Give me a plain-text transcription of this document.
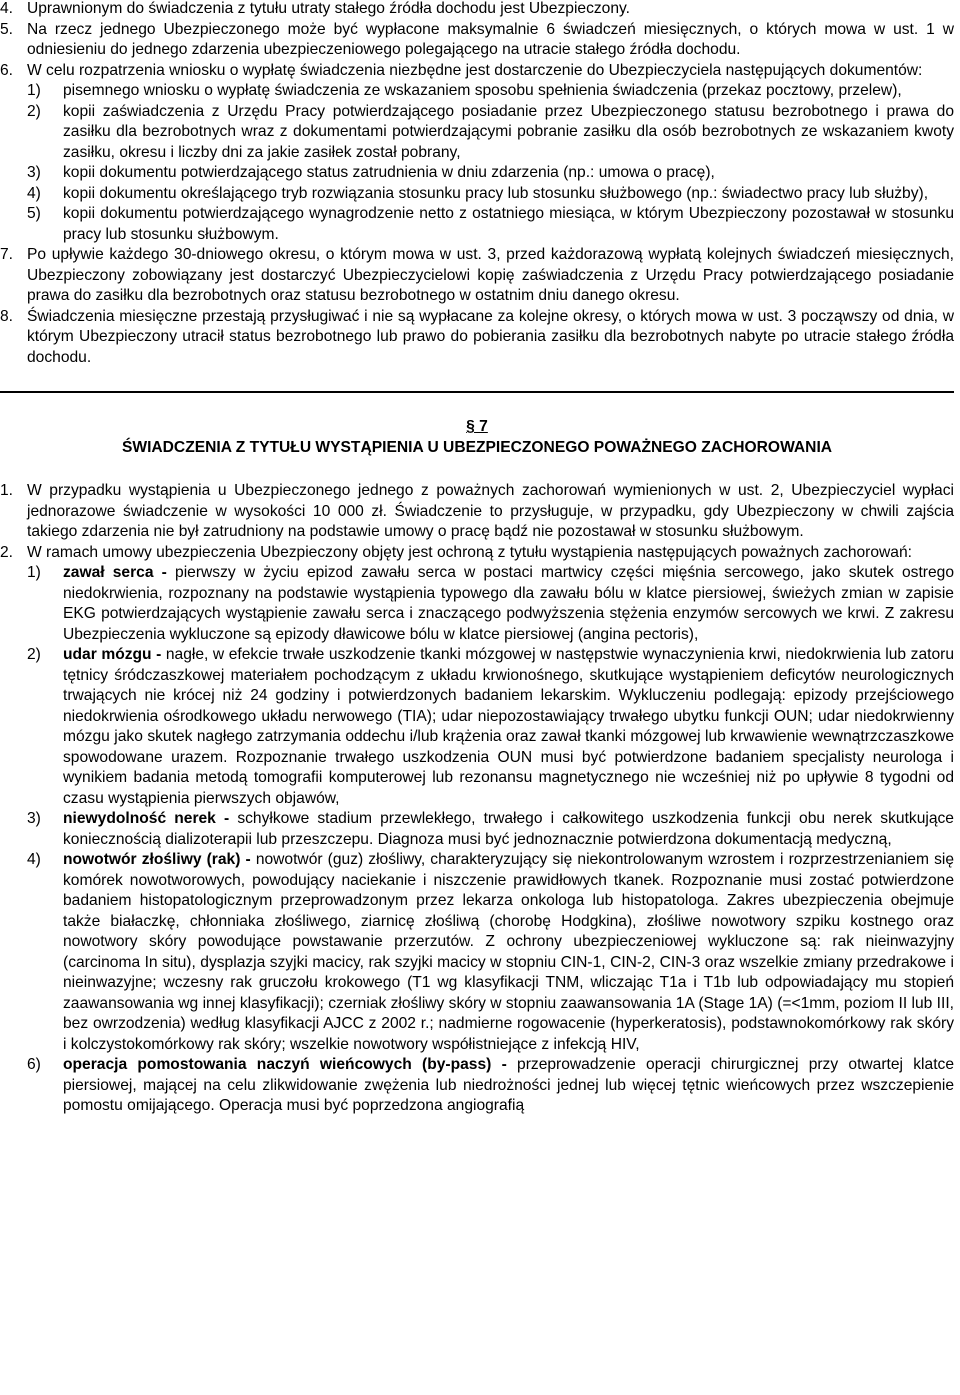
4. Uprawnionym do świadczenia z tytułu utraty stałego źródła dochodu jest Ubezpieczony.
5. Na rzecz jednego Ubezpieczonego może być wypłacone maksymalnie 6 świadczeń miesięcznych, o których mowa w ust. 1 w odniesieniu do jednego zdarzenia ubezpieczeniowego polegającego na utracie stałego źródła dochodu.
6. W celu rozpatrzenia wniosku o wypłatę świadczenia niezbędne jest dostarczenie do Ubezpieczyciela następujących dokumentów:

1)	pisemnego wniosku o wypłatę świadczenia ze wskazaniem sposobu spełnienia świadczenia (przekaz pocztowy, przelew),
2)	kopii zaświadczenia z Urzędu Pracy potwierdzającego posiadanie przez Ubezpieczonego statusu bezrobotnego i prawa do zasiłku dla bezrobotnych wraz z dokumentami potwierdzającymi pobranie zasiłku dla osób bezrobotnych ze wskazaniem kwoty zasiłku, okresu i liczby dni za jakie zasiłek został pobrany,
3)	kopii dokumentu potwierdzającego status zatrudnienia w dniu zdarzenia (np.: umowa o pracę),
4)	kopii dokumentu określającego tryb rozwiązania stosunku pracy lub stosunku służbowego (np.: świadectwo pracy lub służby),
5)	kopii dokumentu potwierdzającego wynagrodzenie netto z ostatniego miesiąca, w którym Ubezpieczony pozostawał w stosunku pracy lub stosunku służbowym.
7. Po upływie każdego 30-dniowego okresu, o którym mowa w ust. 3, przed każdorazową wypłatą kolejnych świadczeń miesięcznych, Ubezpieczony zobowiązany jest dostarczyć Ubezpieczycielowi kopię zaświadczenia z Urzędu Pracy potwierdzającego posiadanie prawa do zasiłku dla bezrobotnych oraz statusu bezrobotnego w ostatnim dniu danego okresu.
8. Świadczenia miesięczne przestają przysługiwać i nie są wypłacane za kolejne okresy, o których mowa w ust. 3 począwszy od dnia, w którym Ubezpieczony utracił status bezrobotnego lub prawo do pobierania zasiłku dla bezrobotnych nabyte po utracie stałego źródła dochodu.
§ 7
ŚWIADCZENIA Z TYTUŁU WYSTĄPIENIA U UBEZPIECZONEGO POWAŻNEGO ZACHOROWANIA
1. W przypadku wystąpienia u Ubezpieczonego jednego z poważnych zachorowań wymienionych w ust. 2, Ubezpieczyciel wypłaci jednorazowe świadczenie w wysokości 10 000 zł. Świadczenie to przysługuje, w przypadku, gdy Ubezpieczony w chwili zajścia takiego zdarzenia nie był zatrudniony na podstawie umowy o pracę bądź nie pozostawał w stosunku służbowym.
2. W ramach umowy ubezpieczenia Ubezpieczony objęty jest ochroną z tytułu wystąpienia następujących poważnych zachorowań:

1)	zawał serca - pierwszy w życiu epizod zawału serca w postaci martwicy części mięśnia sercowego, jako skutek ostrego niedokrwienia, rozpoznany na podstawie wystąpienia typowego dla zawału bólu w klatce piersiowej, świeżych zmian w zapisie EKG potwierdzających wystąpienie zawału serca i znaczącego podwyższenia stężenia enzymów sercowych we krwi. Z zakresu Ubezpieczenia wykluczone są epizody dławicowe bólu w klatce piersiowej (angina pectoris),
2)	udar mózgu - nagłe, w efekcie trwałe uszkodzenie tkanki mózgowej w następstwie wynaczynienia krwi, niedokrwienia lub zatoru tętnicy śródczaszkowej materiałem pochodzącym z układu krwionośnego, skutkujące wystąpieniem deficytów neurologicznych trwających nie krócej niż 24 godziny i potwierdzonych badaniem lekarskim. Wykluczeniu podlegają: epizody przejściowego niedokrwienia ośrodkowego układu nerwowego (TIA); udar niepozostawiający trwałego ubytku funkcji OUN; udar niedokrwienny mózgu jako skutek nagłego zatrzymania oddechu i/lub krążenia oraz zawał tkanki mózgowej lub krwawienie wewnątrzczaszkowe spowodowane urazem. Rozpoznanie trwałego uszkodzenia OUN musi być potwierdzone badaniem specjalisty neurologa i wynikiem badania metodą tomografii komputerowej lub rezonansu magnetycznego nie wcześniej niż po upływie 8 tygodni od czasu wystąpienia pierwszych objawów,
3)	niewydolność nerek - schyłkowe stadium przewlekłego, trwałego i całkowitego uszkodzenia funkcji obu nerek skutkujące koniecznością dializoterapii lub przeszczepu. Diagnoza musi być jednoznacznie potwierdzona dokumentacją medyczną,
4)	nowotwór złośliwy (rak) - nowotwór (guz) złośliwy, charakteryzujący się niekontrolowanym wzrostem i rozprzestrzenianiem się komórek nowotworowych, powodujący naciekanie i niszczenie prawidłowych tkanek. Rozpoznanie musi zostać potwierdzone badaniem histopatologicznym przeprowadzonym przez lekarza onkologa lub histopatologa. Zakres ubezpieczenia obejmuje także białaczkę, chłonniaka złośliwego, ziarnicę złośliwą (chorobę Hodgkina), złośliwe nowotwory szpiku kostnego oraz nowotwory skóry powodujące powstawanie przerzutów. Z ochrony ubezpieczeniowej wykluczone są: rak nieinwazyjny (carcinoma In situ), dysplazja szyjki macicy, rak szyjki macicy w stopniu CIN-1, CIN-2, CIN-3 oraz wszelkie zmiany przedrakowe i nieinwazyjne; wczesny rak gruczołu krokowego (T1 wg klasyfikacji TNM, wliczając T1a i T1b lub odpowiadający mu stopień zaawansowania wg innej klasyfikacji); czerniak złośliwy skóry w stopniu zaawansowania 1A (Stage 1A) (=<1mm, poziom II lub III, bez owrzodzenia) według klasyfikacji AJCC z 2002 r.; nadmierne rogowacenie (hyperkeratosis), podstawnokomórkowy rak skóry i kolczystokomórkowy rak skóry; wszelkie nowotwory współistniejące z infekcją HIV,
6)	operacja pomostowania naczyń wieńcowych (by-pass) - przeprowadzenie operacji chirurgicznej przy otwartej klatce piersiowej, mającej na celu zlikwidowanie zwężenia lub niedrożności jednej lub więcej tętnic wieńcowych przez wszczepienie pomostu omijającego. Operacja musi być poprzedzona angiografią
